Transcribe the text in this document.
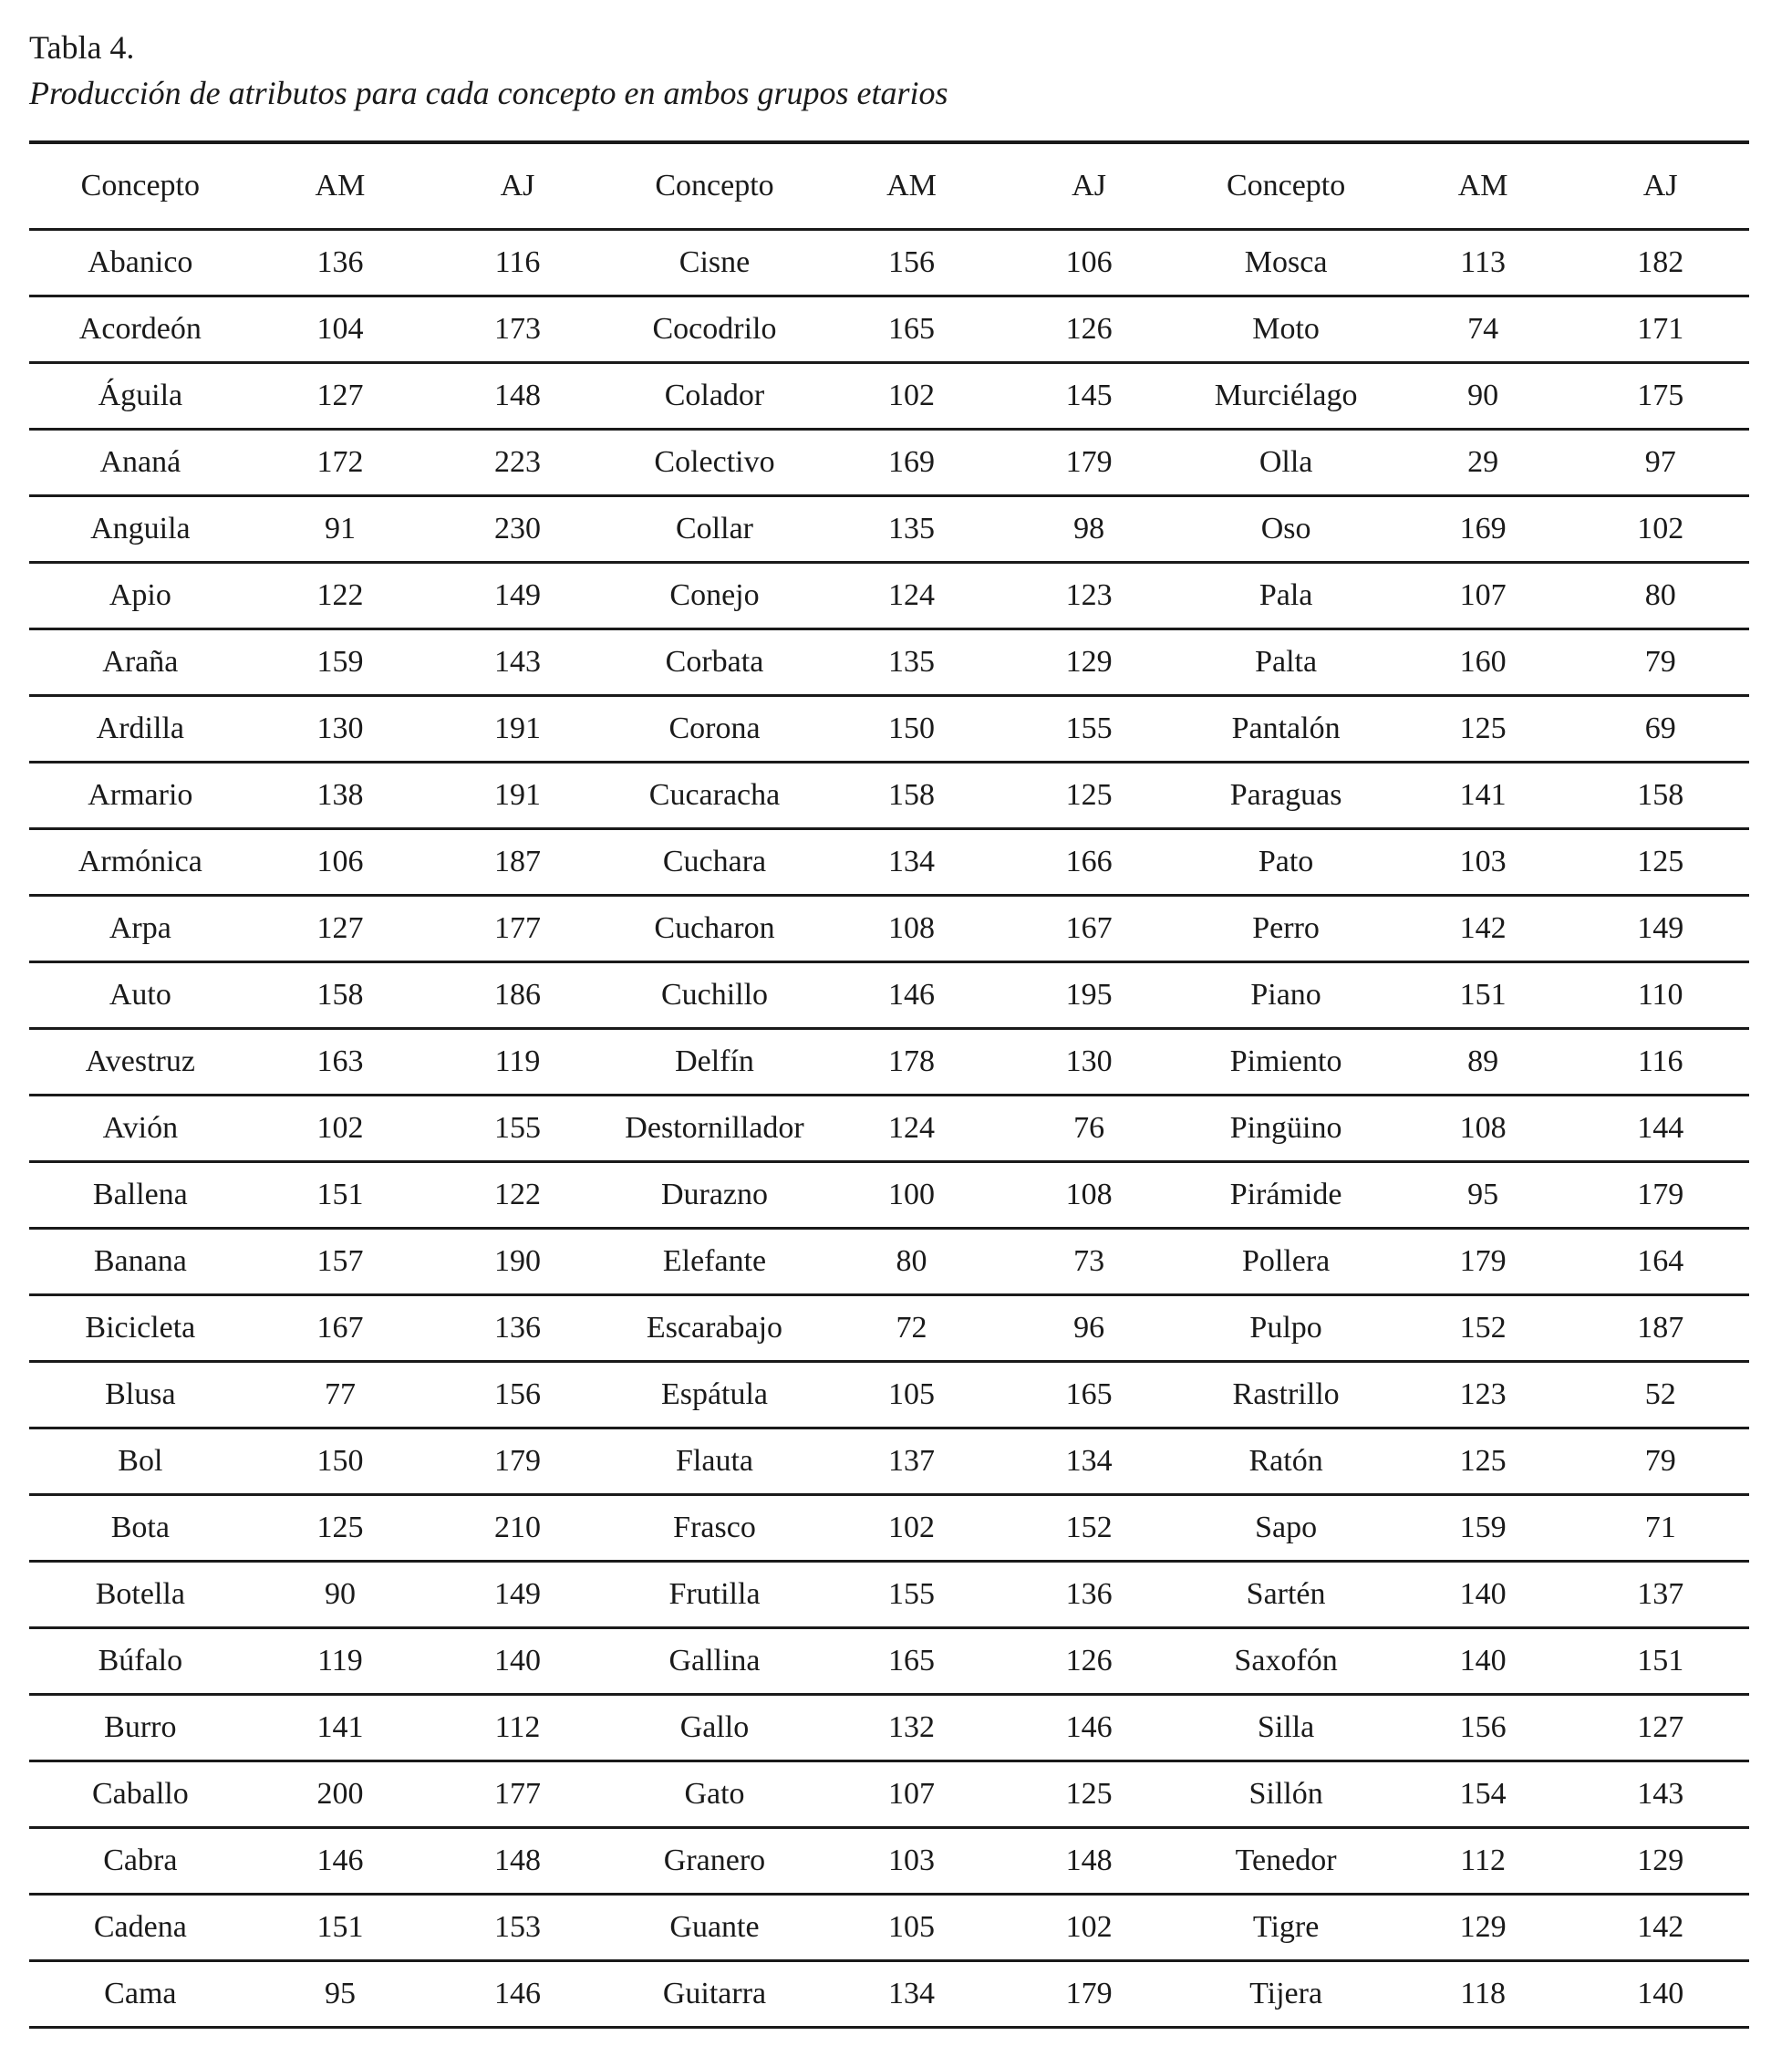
Tabla 4.
Producción de atributos para cada concepto en ambos grupos etarios
Concepto	AM	AJ	Concepto	AM	AJ	Concepto	AM	AJ
Abanico	136	116	Cisne	156	106	Mosca	113	182
Acordeón	104	173	Cocodrilo	165	126	Moto	74	171
Águila	127	148	Colador	102	145	Murciélago	90	175
Ananá	172	223	Colectivo	169	179	Olla	29	97
Anguila	91	230	Collar	135	98	Oso	169	102
Apio	122	149	Conejo	124	123	Pala	107	80
Araña	159	143	Corbata	135	129	Palta	160	79
Ardilla	130	191	Corona	150	155	Pantalón	125	69
Armario	138	191	Cucaracha	158	125	Paraguas	141	158
Armónica	106	187	Cuchara	134	166	Pato	103	125
Arpa	127	177	Cucharon	108	167	Perro	142	149
Auto	158	186	Cuchillo	146	195	Piano	151	110
Avestruz	163	119	Delfín	178	130	Pimiento	89	116
Avión	102	155	Destornillador	124	76	Pingüino	108	144
Ballena	151	122	Durazno	100	108	Pirámide	95	179
Banana	157	190	Elefante	80	73	Pollera	179	164
Bicicleta	167	136	Escarabajo	72	96	Pulpo	152	187
Blusa	77	156	Espátula	105	165	Rastrillo	123	52
Bol	150	179	Flauta	137	134	Ratón	125	79
Bota	125	210	Frasco	102	152	Sapo	159	71
Botella	90	149	Frutilla	155	136	Sartén	140	137
Búfalo	119	140	Gallina	165	126	Saxofón	140	151
Burro	141	112	Gallo	132	146	Silla	156	127
Caballo	200	177	Gato	107	125	Sillón	154	143
Cabra	146	148	Granero	103	148	Tenedor	112	129
Cadena	151	153	Guante	105	102	Tigre	129	142
Cama	95	146	Guitarra	134	179	Tijera	118	140
